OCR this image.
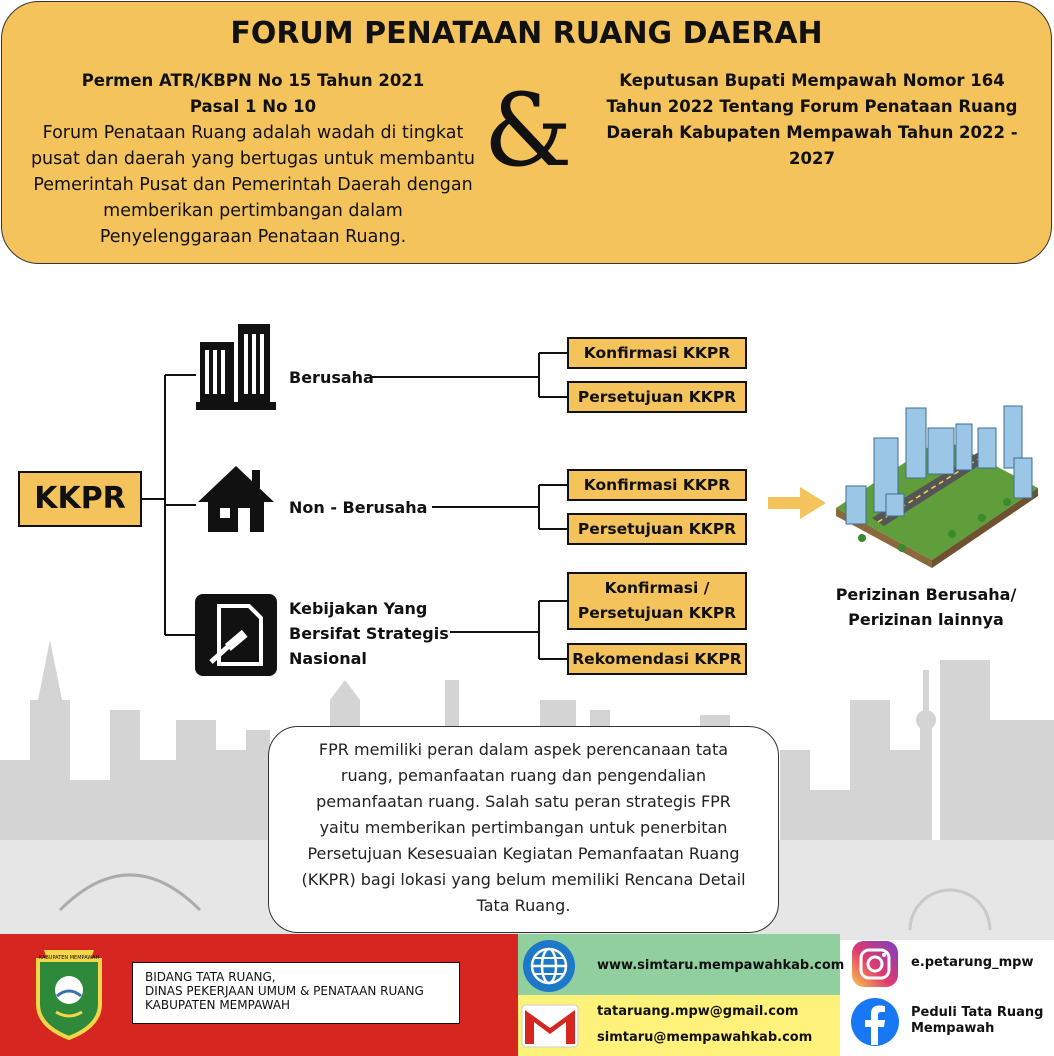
FORUM PENATAAN RUANG DAERAH
Permen ATR/KBPN No 15 Tahun 2021
Pasal 1 No 10
Forum Penataan Ruang adalah wadah di tingkat pusat dan daerah yang bertugas untuk membantu Pemerintah Pusat dan Pemerintah Daerah dengan memberikan pertimbangan dalam Penyelenggaraan Penataan Ruang.
&	Keputusan Bupati Mempawah Nomor 164 Tahun 2022 Tentang Forum Penataan Ruang Daerah Kabupaten Mempawah Tahun 2022 - 2027
KKPR
Berusaha
Non - Berusaha
Kebijakan Yang
Bersifat Strategis
Nasional
Konfirmasi KKPR
Persetujuan KKPR
Konfirmasi KKPR
Persetujuan KKPR
Konfirmasi /
Persetujuan KKPR
Rekomendasi KKPR
Perizinan Berusaha/
Perizinan lainnya
FPR memiliki peran dalam aspek perencanaan tata ruang, pemanfaatan ruang dan pengendalian pemanfaatan ruang. Salah satu peran strategis FPR yaitu memberikan pertimbangan untuk penerbitan Persetujuan Kesesuaian Kegiatan Pemanfaatan Ruang (KKPR) bagi lokasi yang belum memiliki Rencana Detail Tata Ruang.
KABUPATEN MEMPAWAH
BIDANG TATA RUANG,
DINAS PEKERJAAN UMUM & PENATAAN RUANG
KABUPATEN MEMPAWAH
www.simtaru.mempawahkab.com
tataruang.mpw@gmail.com
simtaru@mempawahkab.com
e.petarung_mpw
Peduli Tata Ruang
Mempawah
